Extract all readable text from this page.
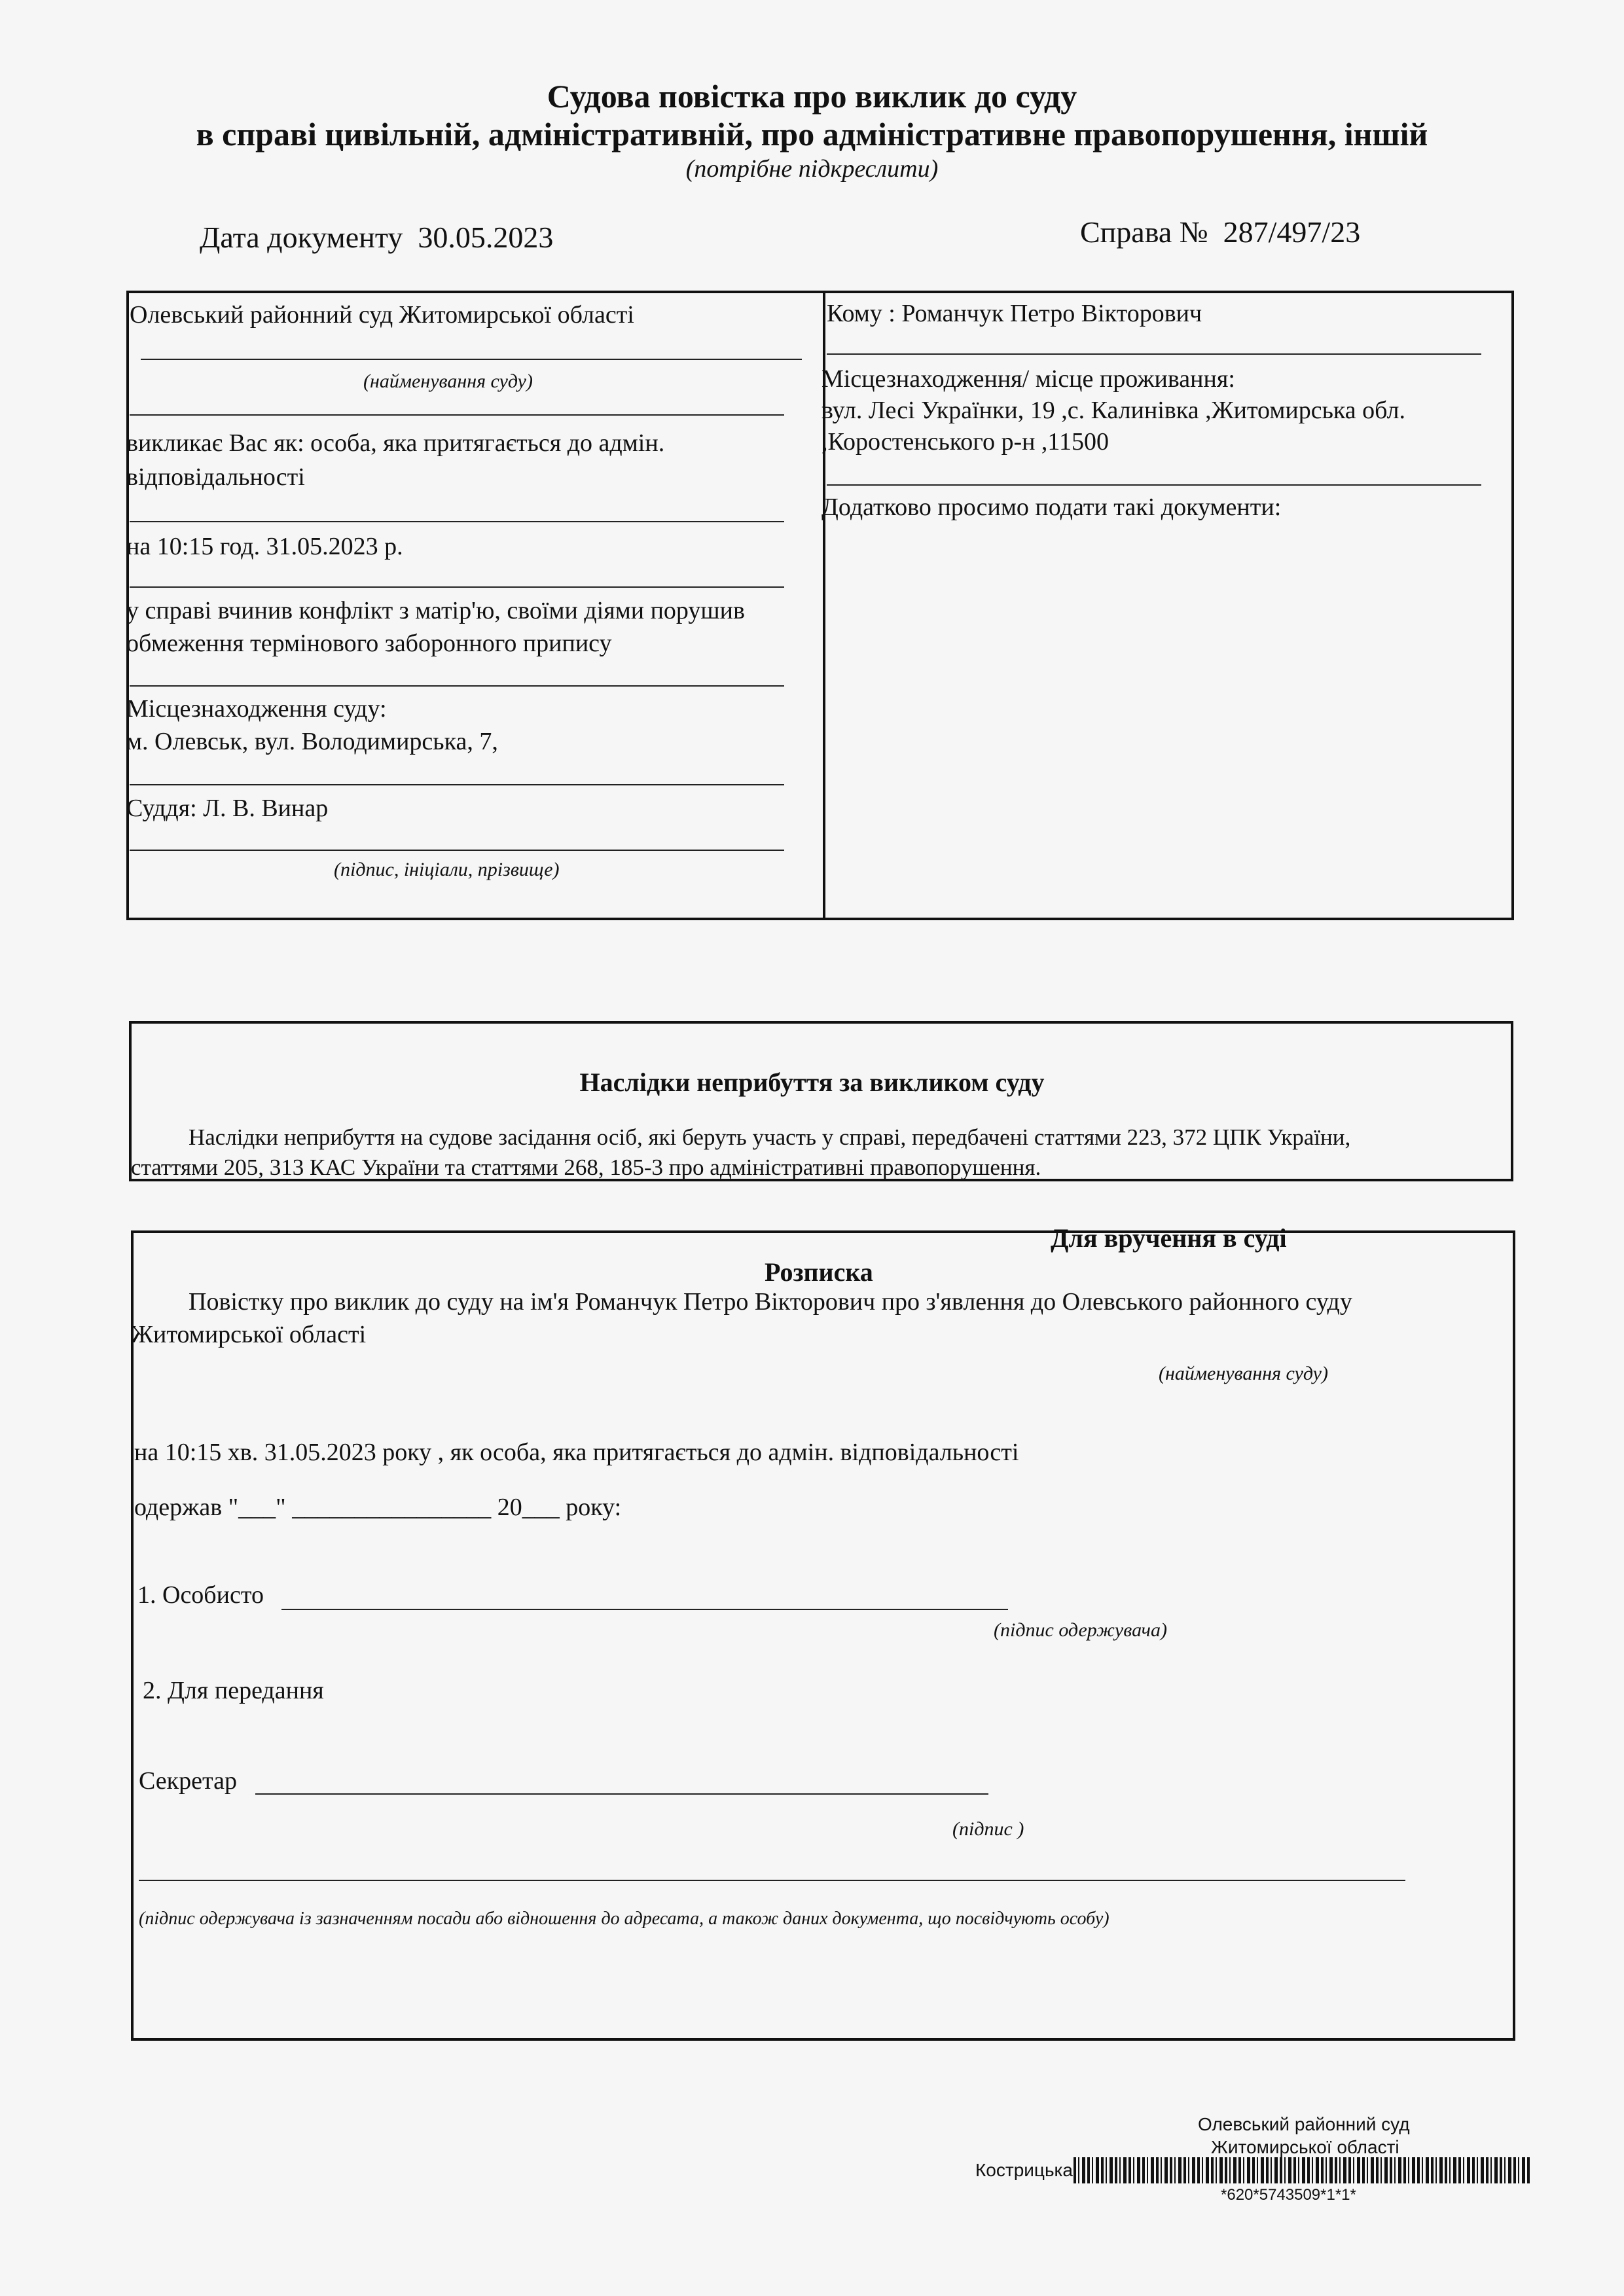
Судова повістка про виклик до суду
в справі цивільній, адміністративній, про адміністративне правопорушення, іншій
(потрібне підкреслити)
Дата документу 30.05.2023	Справа № 287/497/23
Олевський районний суд Житомирської області
(найменування суду)
викликає Вас як: особа, яка притягається до адмін.
відповідальності
на 10:15 год. 31.05.2023 р.
у справі вчинив конфлікт з матір'ю, своїми діями порушив
обмеження термінового заборонного припису
Місцезнаходження суду:
м. Олевськ, вул. Володимирська, 7,
Суддя: Л. В. Винар
(підпис, ініціали, прізвище)
Кому : Романчук Петро Вікторович
Місцезнаходження/ місце проживання:
вул. Лесі Українки, 19 ,с. Калинівка ,Житомирська обл.
,Коростенського р-н ,11500
Додатково просимо подати такі документи:
Наслідки неприбуття за викликом суду
Наслідки неприбуття на судове засідання осіб, які беруть участь у справі, передбачені статтями 223, 372 ЦПК України,
статтями 205, 313 КАС України та статтями 268, 185-3 про адміністративні правопорушення.
Для вручення в суді
Розписка
Повістку про виклик до суду на ім'я Романчук Петро Вікторович про з'явлення до Олевського районного суду
Житомирської області
(найменування суду)
на 10:15 хв. 31.05.2023 року , як особа, яка притягається до адмін. відповідальності
одержав "___" ________________ 20___ року:
1. Особисто
(підпис одержувача)
2. Для передання
Секретар
(підпис )
(підпис одержувача із зазначенням посади або відношення до адресата, а також даних документа, що посвідчують особу)
Олевський районний суд
Житомирської області
Кострицька
*620*5743509*1*1*
